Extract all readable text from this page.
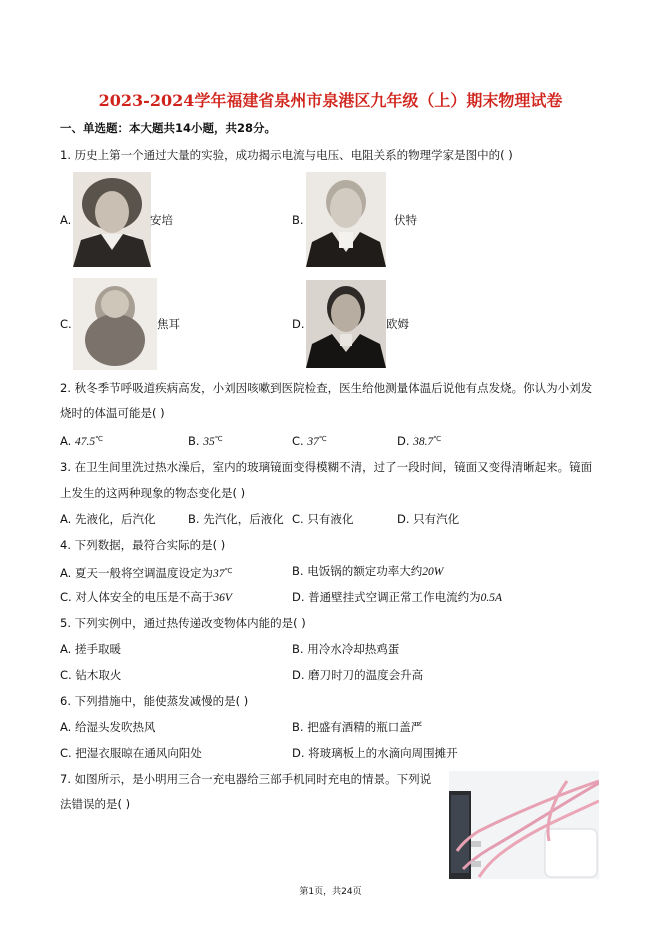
2023-2024学年福建省泉州市泉港区九年级（上）期末物理试卷
一、单选题：本大题共14小题，共28分。
1. 历史上第一个通过大量的实验，成功揭示电流与电压、电阻关系的物理学家是图中的( )
A.	安培	B.	伏特
C.	焦耳	D.	欧姆
2. 秋冬季节呼吸道疾病高发，小刘因咳嗽到医院检查，医生给他测量体温后说他有点发烧。你认为小刘发
烧时的体温可能是( )
A. 47.5℃	B. 35℃	C. 37℃	D. 38.7℃
3. 在卫生间里洗过热水澡后，室内的玻璃镜面变得模糊不清，过了一段时间，镜面又变得清晰起来。镜面
上发生的这两种现象的物态变化是( )
A. 先液化，后汽化	B. 先汽化，后液化 C. 只有液化	D. 只有汽化
4. 下列数据，最符合实际的是( )
A. 夏天一般将空调温度设定为37℃	B. 电饭锅的额定功率大约20W
C. 对人体安全的电压是不高于36V	D. 普通壁挂式空调正常工作电流约为0.5A
5. 下列实例中，通过热传递改变物体内能的是( )
A. 搓手取暖	B. 用冷水冷却热鸡蛋
C. 钻木取火	D. 磨刀时刀的温度会升高
6. 下列措施中，能使蒸发减慢的是( )
A. 给湿头发吹热风	B. 把盛有酒精的瓶口盖严
C. 把湿衣服晾在通风向阳处	D. 将玻璃板上的水滴向周围摊开
7. 如图所示，是小明用三合一充电器给三部手机同时充电的情景。下列说
法错误的是( )
第1页，共24页
